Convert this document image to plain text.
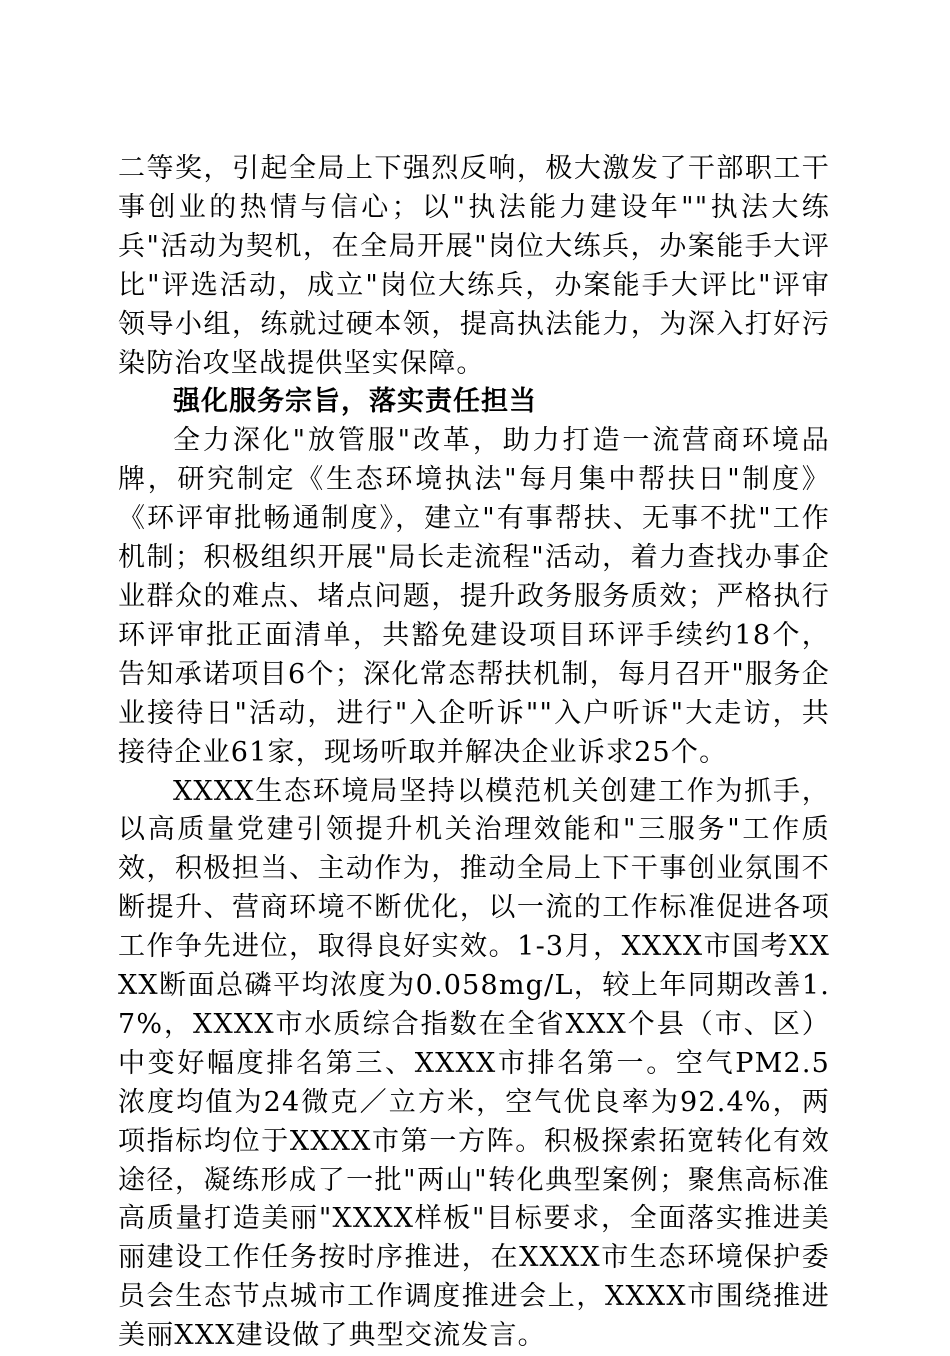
二等奖，引起全局上下强烈反响，极大激发了干部职工干事创业的热情与信心；以"执法能力建设年""执法大练兵"活动为契机，在全局开展"岗位大练兵，办案能手大评比"评选活动，成立"岗位大练兵，办案能手大评比"评审领导小组，练就过硬本领，提高执法能力，为深入打好污染防治攻坚战提供坚实保障。

强化服务宗旨，落实责任担当

全力深化"放管服"改革，助力打造一流营商环境品牌，研究制定《生态环境执法"每月集中帮扶日"制度》《环评审批畅通制度》，建立"有事帮扶、无事不扰"工作机制；积极组织开展"局长走流程"活动，着力查找办事企业群众的难点、堵点问题，提升政务服务质效；严格执行环评审批正面清单，共豁免建设项目环评手续约18个，告知承诺项目6个；深化常态帮扶机制，每月召开"服务企业接待日"活动，进行"入企听诉""入户听诉"大走访，共接待企业61家，现场听取并解决企业诉求25个。

XXXX生态环境局坚持以模范机关创建工作为抓手，以高质量党建引领提升机关治理效能和"三服务"工作质效，积极担当、主动作为，推动全局上下干事创业氛围不断提升、营商环境不断优化，以一流的工作标准促进各项工作争先进位，取得良好实效。1-3月，XXXX市国考XXXX断面总磷平均浓度为0.058mg/L，较上年同期改善1.7%，XXXX市水质综合指数在全省XXX个县（市、区）中变好幅度排名第三、XXXX市排名第一。空气PM2.5浓度均值为24微克／立方米，空气优良率为92.4%，两项指标均位于XXXX市第一方阵。积极探索拓宽转化有效途径，凝练形成了一批"两山"转化典型案例；聚焦高标准高质量打造美丽"XXXX样板"目标要求，全面落实推进美丽建设工作任务按时序推进，在XXXX市生态环境保护委员会生态节点城市工作调度推进会上，XXXX市围绕推进美丽XXX建设做了典型交流发言。
